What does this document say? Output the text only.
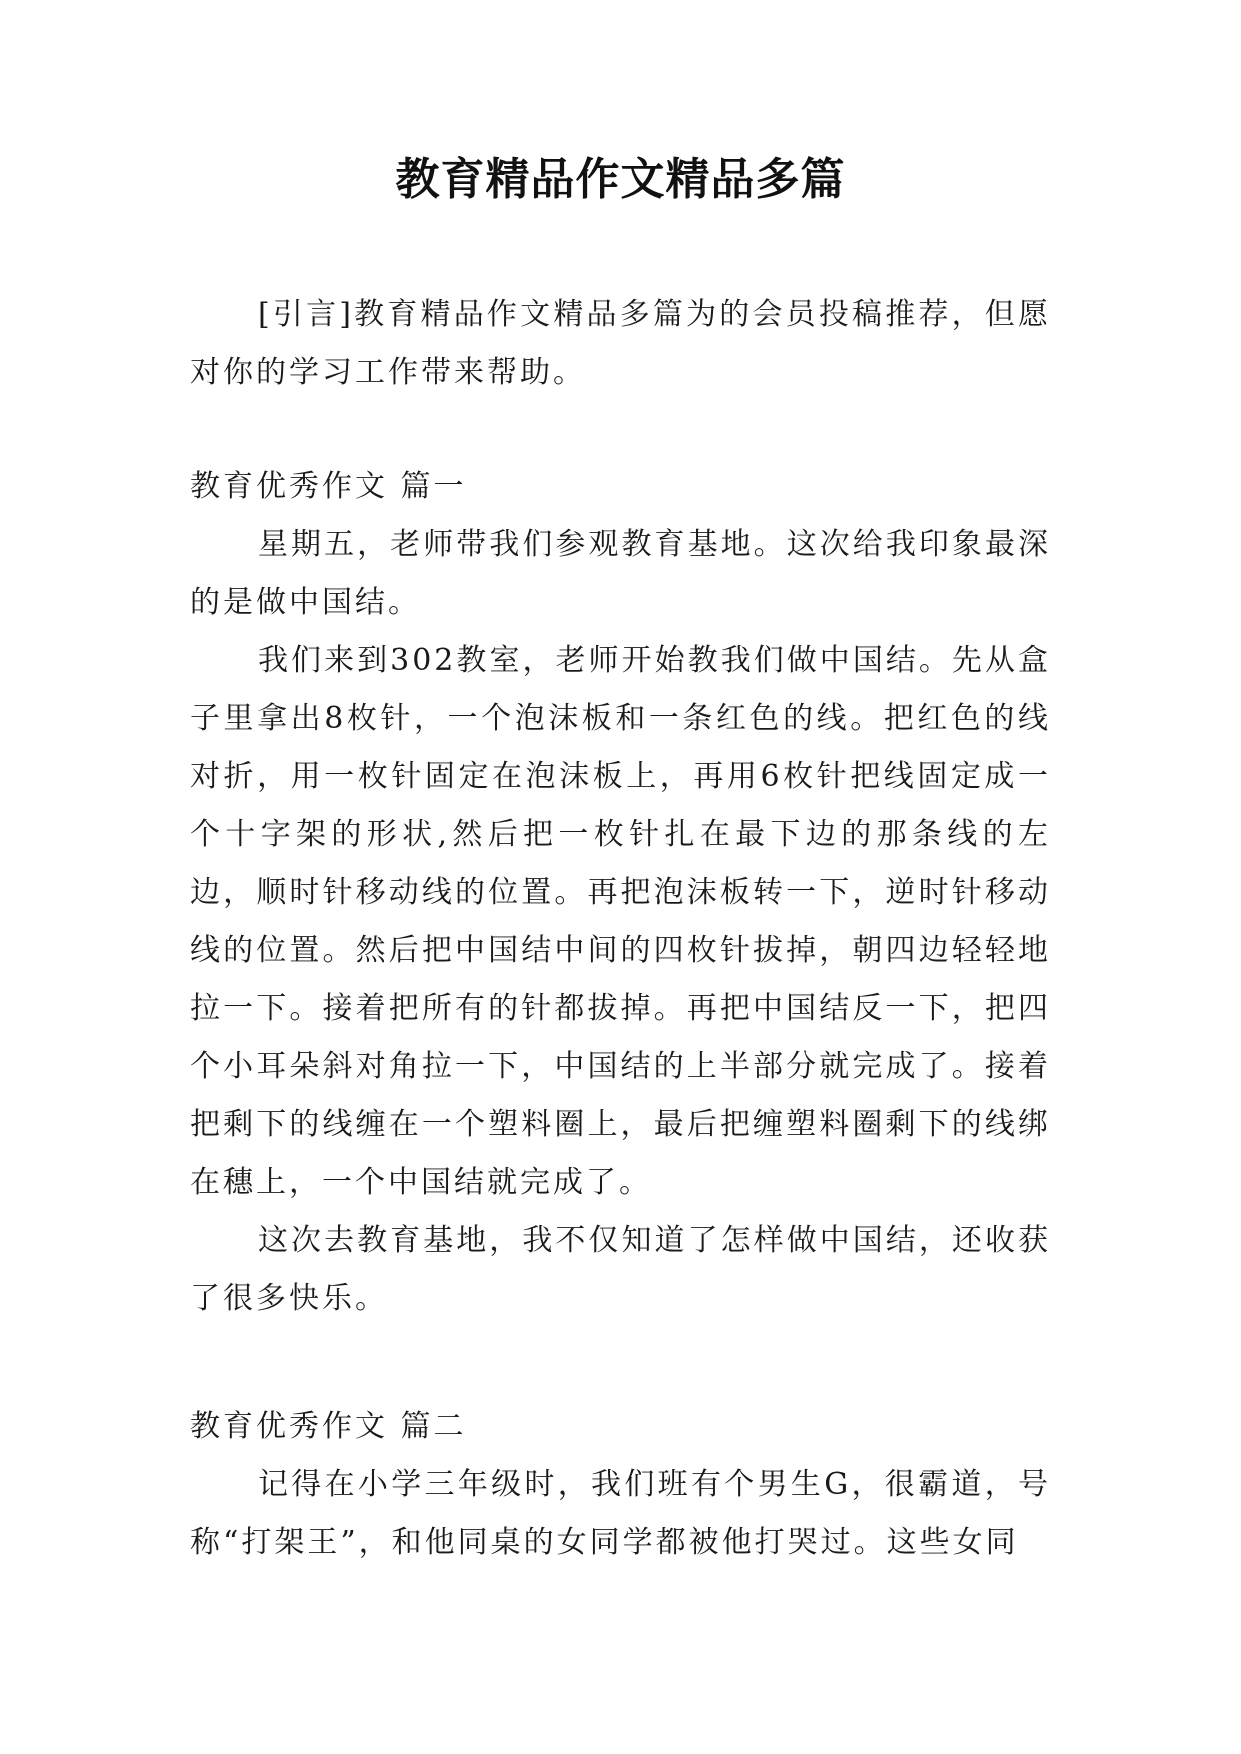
教育精品作文精品多篇

[引言]教育精品作文精品多篇为的会员投稿推荐，但愿对你的学习工作带来帮助。

教育优秀作文 篇一

星期五，老师带我们参观教育基地。这次给我印象最深的是做中国结。

我们来到302教室，老师开始教我们做中国结。先从盒子里拿出8枚针，一个泡沫板和一条红色的线。把红色的线对折，用一枚针固定在泡沫板上，再用6枚针把线固定成一个十字架的形状,然后把一枚针扎在最下边的那条线的左边，顺时针移动线的位置。再把泡沫板转一下，逆时针移动线的位置。然后把中国结中间的四枚针拔掉，朝四边轻轻地拉一下。接着把所有的针都拔掉。再把中国结反一下，把四个小耳朵斜对角拉一下，中国结的上半部分就完成了。接着把剩下的线缠在一个塑料圈上，最后把缠塑料圈剩下的线绑在穗上，一个中国结就完成了。

这次去教育基地，我不仅知道了怎样做中国结，还收获了很多快乐。

教育优秀作文 篇二

记得在小学三年级时，我们班有个男生G，很霸道，号称“打架王”，和他同桌的女同学都被他打哭过。这些女同
